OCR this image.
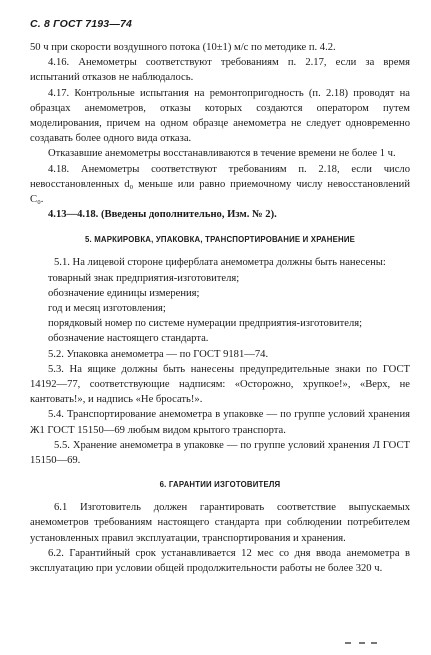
С. 8 ГОСТ 7193—74

50 ч при скорости воздушного потока (10±1) м/с по методике п. 4.2.

4.16. Анемометры соответствуют требованиям п. 2.17, если за время испытаний отказов не наблюдалось.

4.17. Контрольные испытания на ремонтопригодность (п. 2.18) проводят на образцах анемометров, отказы которых создаются оператором путем моделирования, причем на одном образце анемометра не следует одновременно создавать более одного вида отказа.

Отказавшие анемометры восстанавливаются в течение времени не более 1 ч.

4.18. Анемометры соответствуют требованиям п. 2.18, если число невосстановленных d₀ меньше или равно приемочному числу невосстановлений C₀.

4.13—4.18. (Введены дополнительно, Изм. № 2).

5. МАРКИРОВКА, УПАКОВКА, ТРАНСПОРТИРОВАНИЕ И ХРАНЕНИЕ

5.1. На лицевой стороне циферблата анемометра должны быть нанесены:

товарный знак предприятия-изготовителя;

обозначение единицы измерения;

год и месяц изготовления;

порядковый номер по системе нумерации предприятия-изготовителя;

обозначение настоящего стандарта.

5.2. Упаковка анемометра — по ГОСТ 9181—74.

5.3. На ящике должны быть нанесены предупредительные знаки по ГОСТ 14192—77, соответствующие надписям: «Осторожно, хрупкое!», «Верх, не кантовать!», и надпись «Не бросать!».

5.4. Транспортирование анемометра в упаковке — по группе условий хранения Ж1 ГОСТ 15150—69 любым видом крытого транспорта.

5.5. Хранение анемометра в упаковке — по группе условий хранения Л ГОСТ 15150—69.

6. ГАРАНТИИ ИЗГОТОВИТЕЛЯ

6.1 Изготовитель должен гарантировать соответствие выпускаемых анемометров требованиям настоящего стандарта при соблюдении потребителем установленных правил эксплуатации, транспортирования и хранения.

6.2. Гарантийный срок устанавливается 12 мес со дня ввода анемометра в эксплуатацию при условии общей продолжительности работы не более 320 ч.
